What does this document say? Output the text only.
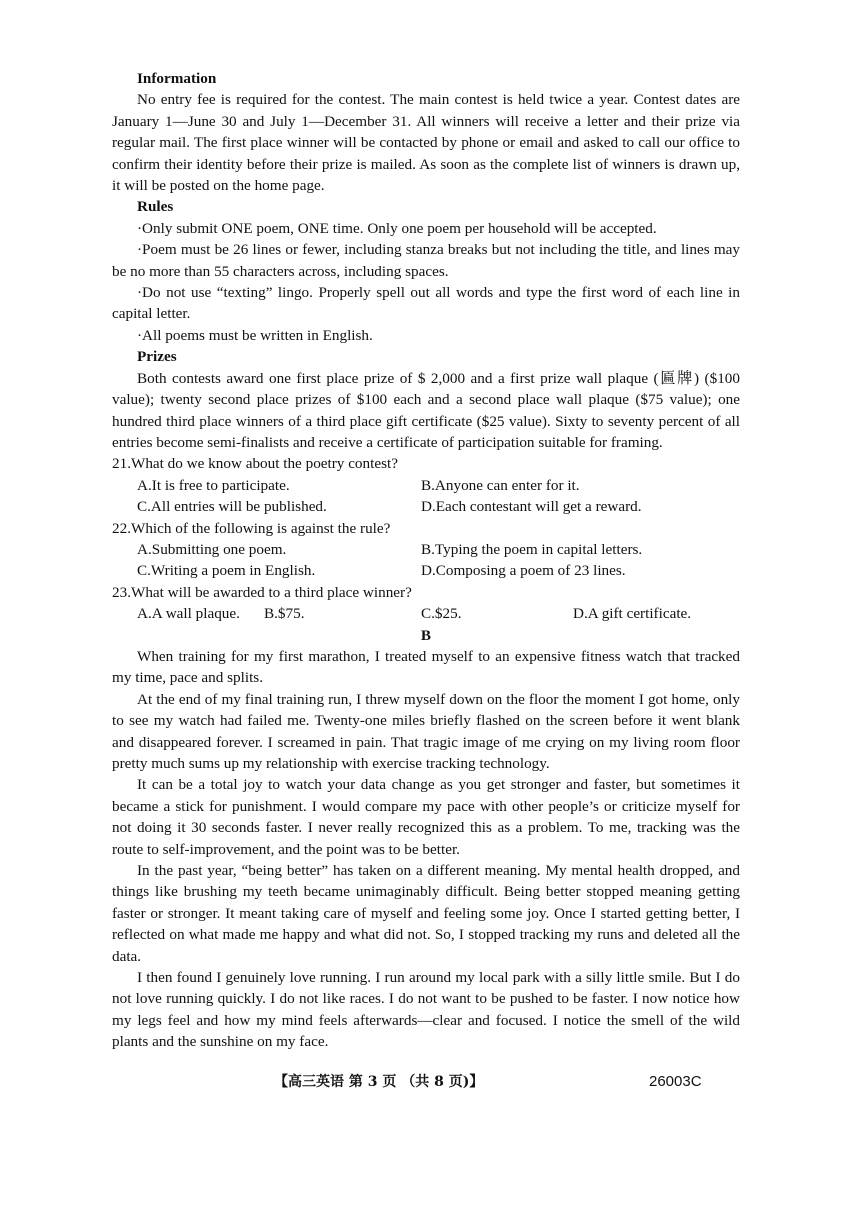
Information

No entry fee is required for the contest. The main contest is held twice a year. Contest dates are January 1—June 30 and July 1—December 31. All winners will receive a letter and their prize via regular mail. The first place winner will be contacted by phone or email and asked to call our office to confirm their identity before their prize is mailed. As soon as the complete list of winners is drawn up, it will be posted on the home page.

Rules

·Only submit ONE poem, ONE time. Only one poem per household will be accepted.

·Poem must be 26 lines or fewer, including stanza breaks but not including the title, and lines may be no more than 55 characters across, including spaces.

·Do not use “texting” lingo. Properly spell out all words and type the first word of each line in capital letter.

·All poems must be written in English.

Prizes

Both contests award one first place prize of $ 2,000 and a first prize wall plaque (匾牌) ($100 value); twenty second place prizes of $100 each and a second place wall plaque ($75 value); one hundred third place winners of a third place gift certificate ($25 value). Sixty to seventy percent of all entries become semi-finalists and receive a certificate of participation suitable for framing.

21.What do we know about the poetry contest?

A.It is free to participate.	B.Anyone can enter for it.
C.All entries will be published.	D.Each contestant will get a reward.

22.Which of the following is against the rule?

A.Submitting one poem.	B.Typing the poem in capital letters.
C.Writing a poem in English.	D.Composing a poem of 23 lines.

23.What will be awarded to a third place winner?

A.A wall plaque.	B.$75.	C.$25.	D.A gift certificate.

B

When training for my first marathon, I treated myself to an expensive fitness watch that tracked my time, pace and splits.

At the end of my final training run, I threw myself down on the floor the moment I got home, only to see my watch had failed me. Twenty-one miles briefly flashed on the screen before it went blank and disappeared forever. I screamed in pain. That tragic image of me crying on my living room floor pretty much sums up my relationship with exercise tracking technology.

It can be a total joy to watch your data change as you get stronger and faster, but sometimes it became a stick for punishment. I would compare my pace with other people’s or criticize myself for not doing it 30 seconds faster. I never really recognized this as a problem. To me, tracking was the route to self-improvement, and the point was to be better.

In the past year, “being better” has taken on a different meaning. My mental health dropped, and things like brushing my teeth became unimaginably difficult. Being better stopped meaning getting faster or stronger. It meant taking care of myself and feeling some joy. Once I started getting better, I reflected on what made me happy and what did not. So, I stopped tracking my runs and deleted all the data.

I then found I genuinely love running. I run around my local park with a silly little smile. But I do not love running quickly. I do not like races. I do not want to be pushed to be faster. I now notice how my legs feel and how my mind feels afterwards—clear and focused. I notice the smell of the wild plants and the sunshine on my face.

【高三英语 第 3 页 （共 8 页)】	26003C
